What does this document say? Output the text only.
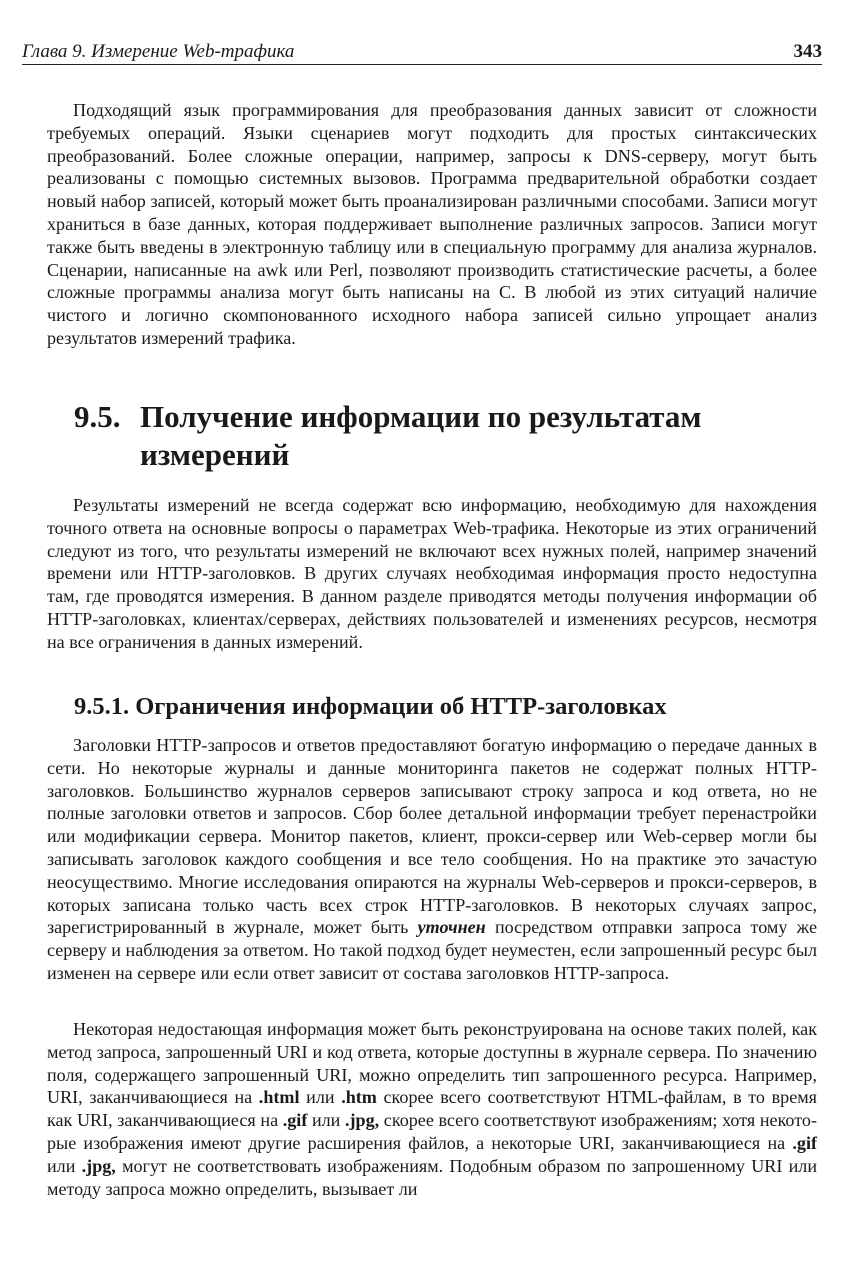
Глава 9. Измерение Web-трафика	343

Подходящий язык программирования для преобразования данных зависит от сложности требуемых операций. Языки сценариев могут подходить для простых синтаксических преобразований. Более сложные операции, например, запросы к DNS-серверу, могут быть реализованы с помощью системных вызовов. Программа предварительной обработки создает новый набор записей, который может быть проанализирован различными способами. Записи могут храниться в базе данных, которая поддерживает выполнение различных запросов. Записи могут также быть введены в электронную таблицу или в специальную программу для анализа журналов. Сценарии, написанные на awk или Perl, позволяют производить статистические расчеты, а более сложные программы анализа могут быть написаны на C. В любой из этих ситуаций наличие чистого и логично скомпонованного исходного набора записей сильно упрощает анализ результатов измерений трафика.

9.5. Получение информации по результатам
измерений

Результаты измерений не всегда содержат всю информацию, необходимую для нахождения точного ответа на основные вопросы о параметрах Web-трафика. Некоторые из этих ограничений следуют из того, что результаты измерений не включают всех нужных полей, например значений времени или HTTP-заголовков. В других случаях необходимая информация просто недоступна там, где проводятся измерения. В данном разделе приводятся методы получения информации об HTTP-заголовках, клиентах/серверах, действиях пользователей и изменениях ресурсов, несмотря на все ограничения в данных измерений.

9.5.1. Ограничения информации об HTTP-заголовках

Заголовки HTTP-запросов и ответов предоставляют богатую информацию о передаче данных в сети. Но некоторые журналы и данные мониторинга пакетов не содержат полных HTTP-заголовков. Большинство журналов серверов записывают строку запроса и код ответа, но не полные заголовки ответов и запросов. Сбор более детальной информации требует перенастройки или модификации сервера. Монитор пакетов, клиент, прокси-сервер или Web-сервер могли бы записывать заголовок каждого сообщения и все тело сообщения. Но на практике это зачастую неосуществимо. Многие исследования опираются на журналы Web-серверов и прокси-серверов, в которых записана только часть всех строк HTTP-заголовков. В некоторых случаях запрос, зарегистрированный в журнале, может быть уточнен посредством отправки запроса тому же серверу и наблюдения за ответом. Но такой подход будет неуместен, если запрошенный ресурс был изменен на сервере или если ответ зависит от состава заголовков HTTP-запроса.

Некоторая недостающая информация может быть реконструирована на основе таких полей, как метод запроса, запрошенный URI и код ответа, которые доступны в журнале сервера. По значению поля, содержащего запрошенный URI, можно определить тип запрошенного ресурса. Например, URI, заканчивающиеся на .html или .htm скорее всего соответствуют HTML-файлам, в то время как URI, заканчивающиеся на .gif или .jpg, скорее всего соответствуют изображениям; хотя некоторые изображения имеют другие расширения файлов, а некоторые URI, заканчивающиеся на .gif или .jpg, могут не соответствовать изображениям. Подобным образом по запрошенному URI или методу запроса можно определить, вызывает ли
